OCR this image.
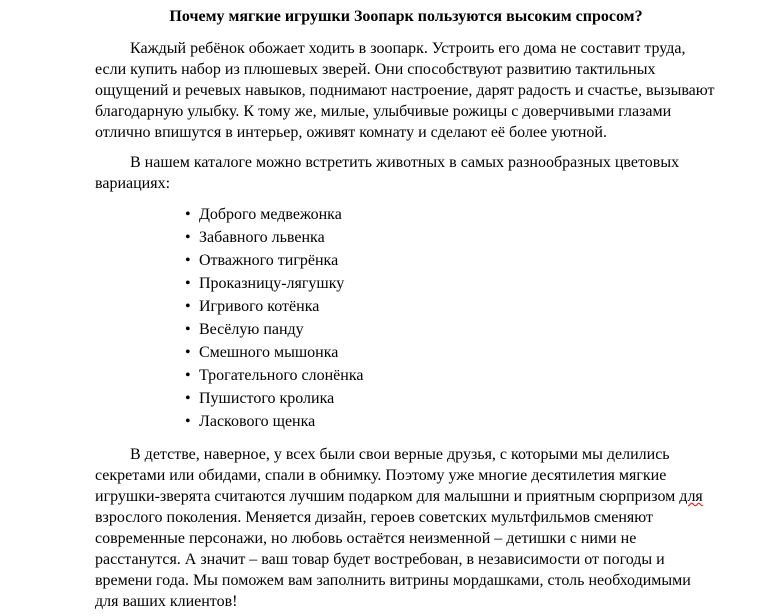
Почему мягкие игрушки Зоопарк пользуются высоким спросом?

Каждый ребёнок обожает ходить в зоопарк. Устроить его дома не составит труда, если купить набор из плюшевых зверей. Они способствуют развитию тактильных ощущений и речевых навыков, поднимают настроение, дарят радость и счастье, вызывают благодарную улыбку. К тому же, милые, улыбчивые рожицы с доверчивыми глазами отлично впишутся в интерьер, оживят комнату и сделают её более уютной.

В нашем каталоге можно встретить животных в самых разнообразных цветовых вариациях:

• Доброго медвежонка
• Забавного львенка
• Отважного тигрёнка
• Проказницу-лягушку
• Игривого котёнка
• Весёлую панду
• Смешного мышонка
• Трогательного слонёнка
• Пушистого кролика
• Ласкового щенка

В детстве, наверное, у всех были свои верные друзья, с которыми мы делились секретами или обидами, спали в обнимку. Поэтому уже многие десятилетия мягкие игрушки-зверята считаются лучшим подарком для малышни и приятным сюрпризом для взрослого поколения. Меняется дизайн, героев советских мультфильмов сменяют современные персонажи, но любовь остаётся неизменной – детишки с ними не расстанутся. А значит – ваш товар будет востребован, в независимости от погоды и времени года. Мы поможем вам заполнить витрины мордашками, столь необходимыми для ваших клиентов!
